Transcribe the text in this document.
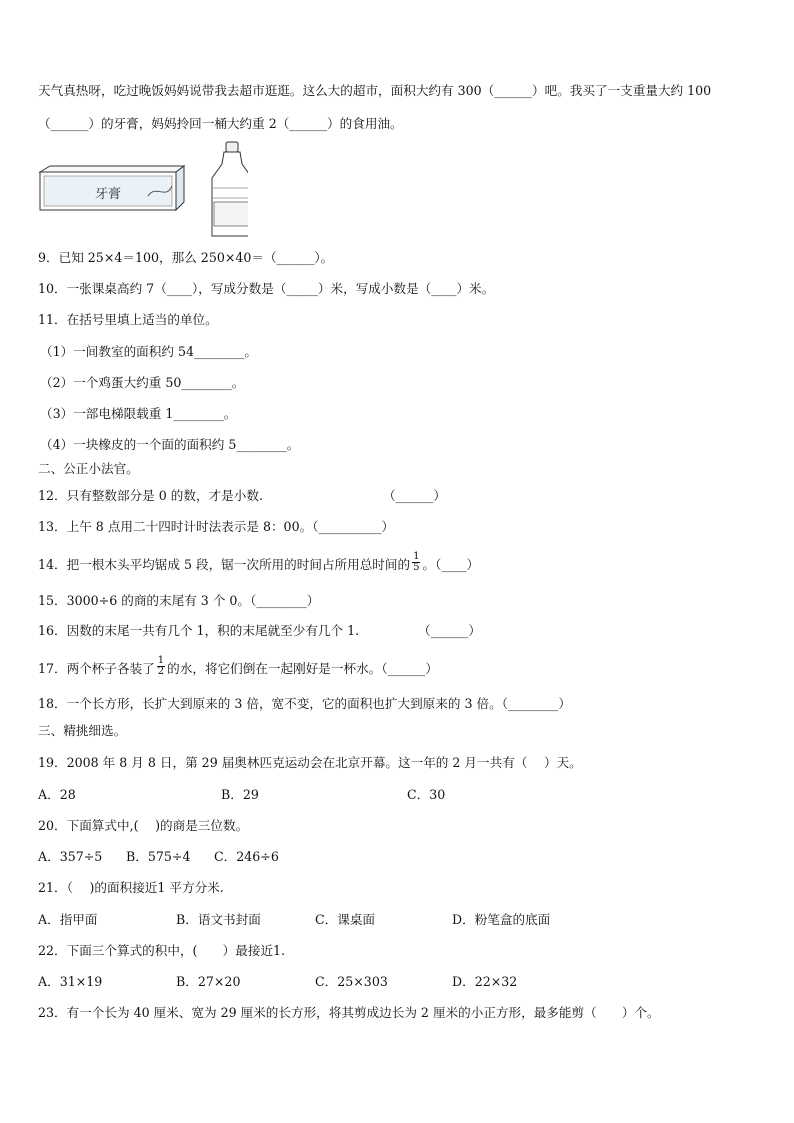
天气真热呀，吃过晚饭妈妈说带我去超市逛逛。这么大的超市，面积大约有 300（______）吧。我买了一支重量大约 100
（______）的牙膏，妈妈拎回一桶大约重 2（______）的食用油。
牙膏
9．已知 25×4＝100，那么 250×40＝（______）。
10．一张课桌高约 7（____），写成分数是（_____）米，写成小数是（____）米。
11．在括号里填上适当的单位。
（1）一间教室的面积约 54________。
（2）一个鸡蛋大约重 50________。
（3）一部电梯限载重 1________。
（4）一块橡皮的一个面的面积约 5________。
二、公正小法官。
12．只有整数部分是 0 的数，才是小数.	（______）
13．上午 8 点用二十四时计时法表示是 8：00。（__________）
14．把一根木头平均锯成 5 段，锯一次所用的时间占所用总时间的 $\frac{1}{5}$ 。（____）
15．3000÷6 的商的末尾有 3 个 0。（________）
16．因数的末尾一共有几个 1，积的末尾就至少有几个 1.	（______）
17．两个杯子各装了 $\frac{1}{2}$ 的水，将它们倒在一起刚好是一杯水。（______）
18．一个长方形，长扩大到原来的 3 倍，宽不变，它的面积也扩大到原来的 3 倍。（________）
三、精挑细选。
19．2008 年 8 月 8 日，第 29 届奥林匹克运动会在北京开幕。这一年的 2 月一共有（　 ）天。
A．28	B．29	C．30
20．下面算式中,(　 )的商是三位数。
A．357÷5 B．575÷4 C．246÷6
21．（　 )的面积接近1 平方分米.
A．指甲面	B．语文书封面	C．课桌面	D．粉笔盒的底面
22．下面三个算式的积中，(　　）最接近1.
A．31×19	B．27×20	C．25×303	D．22×32
23．有一个长为 40 厘米、宽为 29 厘米的长方形，将其剪成边长为 2 厘米的小正方形，最多能剪（　　）个。
